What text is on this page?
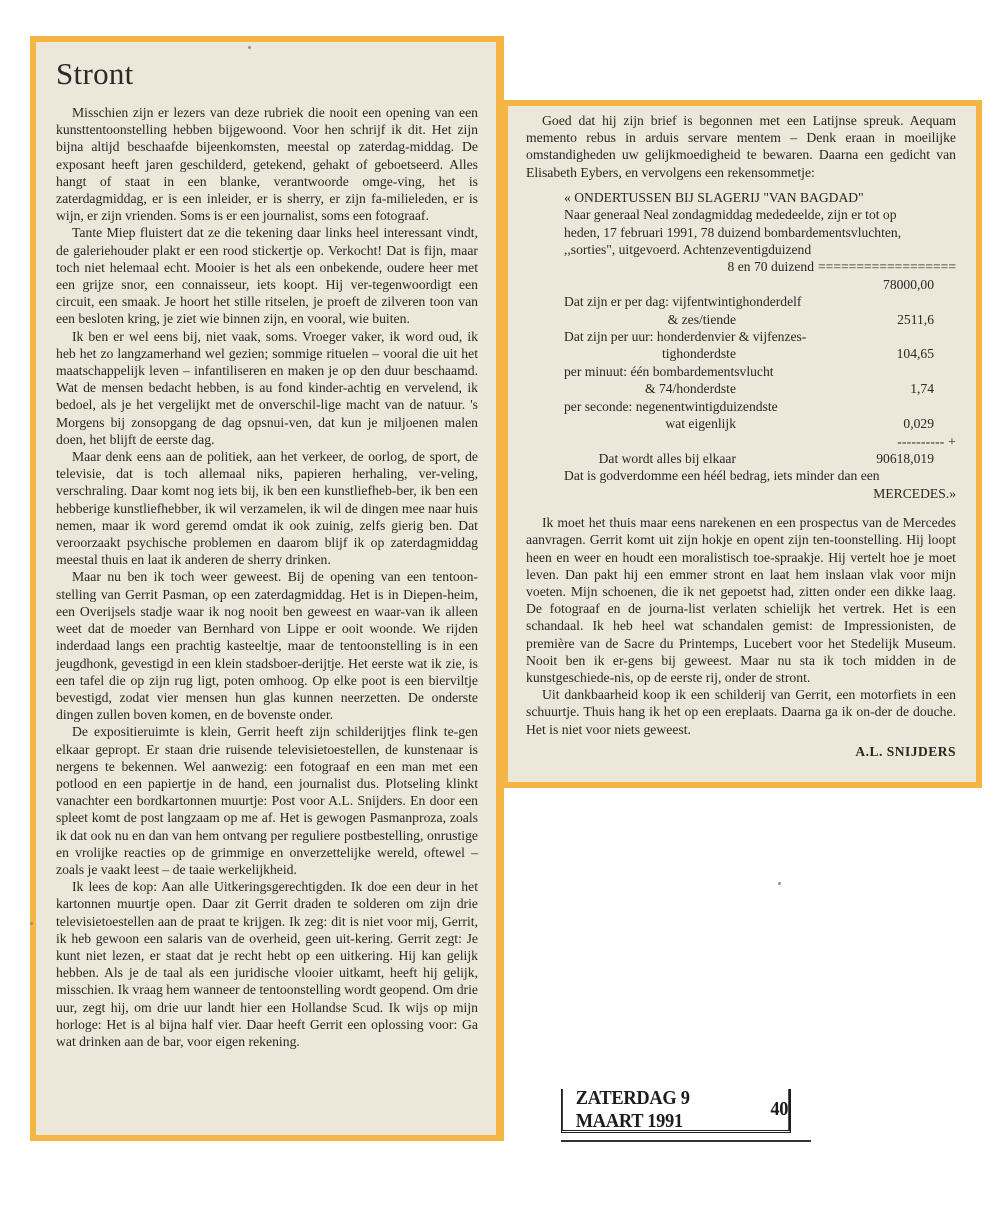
Stront

Misschien zijn er lezers van deze rubriek die nooit een opening van een kunsttentoonstelling hebben bijgewoond. Voor hen schrijf ik dit. Het zijn bijna altijd beschaafde bijeenkomsten, meestal op zaterdag-middag. De exposant heeft jaren geschilderd, getekend, gehakt of geboetseerd. Alles hangt of staat in een blanke, verantwoorde omge-ving, het is zaterdagmiddag, er is een inleider, er is sherry, er zijn fa-milieleden, er is wijn, er zijn vrienden. Soms is er een journalist, soms een fotograaf.

Tante Miep fluistert dat ze die tekening daar links heel interessant vindt, de galeriehouder plakt er een rood stickertje op. Verkocht! Dat is fijn, maar toch niet helemaal echt. Mooier is het als een onbekende, oudere heer met een grijze snor, een connaisseur, iets koopt. Hij ver-tegenwoordigt een circuit, een smaak. Je hoort het stille ritselen, je proeft de zilveren toon van een besloten kring, je ziet wie binnen zijn, en vooral, wie buiten.

Ik ben er wel eens bij, niet vaak, soms. Vroeger vaker, ik word oud, ik heb het zo langzamerhand wel gezien; sommige rituelen – vooral die uit het maatschappelijk leven – infantiliseren en maken je op den duur beschaamd. Wat de mensen bedacht hebben, is au fond kinder-achtig en vervelend, ik bedoel, als je het vergelijkt met de onverschil-lige macht van de natuur. 's Morgens bij zonsopgang de dag opsnui-ven, dat kun je miljoenen malen doen, het blijft de eerste dag.

Maar denk eens aan de politiek, aan het verkeer, de oorlog, de sport, de televisie, dat is toch allemaal niks, papieren herhaling, ver-veling, verschraling. Daar komt nog iets bij, ik ben een kunstliefheb-ber, ik ben een hebberige kunstliefhebber, ik wil verzamelen, ik wil de dingen mee naar huis nemen, maar ik word geremd omdat ik ook zuinig, zelfs gierig ben. Dat veroorzaakt psychische problemen en daarom blijf ik op zaterdagmiddag meestal thuis en laat ik anderen de sherry drinken.

Maar nu ben ik toch weer geweest. Bij de opening van een tentoon-stelling van Gerrit Pasman, op een zaterdagmiddag. Het is in Diepen-heim, een Overijsels stadje waar ik nog nooit ben geweest en waar-van ik alleen weet dat de moeder van Bernhard von Lippe er ooit woonde. We rijden inderdaad langs een prachtig kasteeltje, maar de tentoonstelling is in een jeugdhonk, gevestigd in een klein stadsboer-derijtje. Het eerste wat ik zie, is een tafel die op zijn rug ligt, poten omhoog. Op elke poot is een bierviltje bevestigd, zodat vier mensen hun glas kunnen neerzetten. De onderste dingen zullen boven komen, en de bovenste onder.

De expositieruimte is klein, Gerrit heeft zijn schilderijtjes flink te-gen elkaar gepropt. Er staan drie ruisende televisietoestellen, de kunstenaar is nergens te bekennen. Wel aanwezig: een fotograaf en een man met een potlood en een papiertje in de hand, een journalist dus. Plotseling klinkt vanachter een bordkartonnen muurtje: Post voor A.L. Snijders. En door een spleet komt de post langzaam op me af. Het is gewogen Pasmanproza, zoals ik dat ook nu en dan van hem ontvang per reguliere postbestelling, onrustige en vrolijke reacties op de grimmige en onverzettelijke wereld, oftewel – zoals je vaakt leest – de taaie werkelijkheid.

Ik lees de kop: Aan alle Uitkeringsgerechtigden. Ik doe een deur in het kartonnen muurtje open. Daar zit Gerrit draden te solderen om zijn drie televisietoestellen aan de praat te krijgen. Ik zeg: dit is niet voor mij, Gerrit, ik heb gewoon een salaris van de overheid, geen uit-kering. Gerrit zegt: Je kunt niet lezen, er staat dat je recht hebt op een uitkering. Hij kan gelijk hebben. Als je de taal als een juridische vlooier uitkamt, heeft hij gelijk, misschien. Ik vraag hem wanneer de tentoonstelling wordt geopend. Om drie uur, zegt hij, om drie uur landt hier een Hollandse Scud. Ik wijs op mijn horloge: Het is al bijna half vier. Daar heeft Gerrit een oplossing voor: Ga wat drinken aan de bar, voor eigen rekening.

Goed dat hij zijn brief is begonnen met een Latijnse spreuk. Aequam memento rebus in arduis servare mentem – Denk eraan in moeilijke omstandigheden uw gelijkmoedigheid te bewaren. Daarna een gedicht van Elisabeth Eybers, en vervolgens een rekensommetje:

« ONDERTUSSEN BIJ SLAGERIJ "VAN BAGDAD"
Naar generaal Neal zondagmiddag mededeelde, zijn er tot op
heden, 17 februari 1991, 78 duizend bombardementsvluchten,
,,sorties", uitgevoerd. Achtenzeventigduizend
8 en 70 duizend ==================
78000,00
Dat zijn er per dag: vijfentwintighonderdelf
& zes/tiende	2511,6
Dat zijn per uur: honderdenvier & vijfenzes-
tighonderdste	104,65
per minuut: één bombardementsvlucht
& 74/honderdste	1,74
per seconde: negenentwintigduizendste
wat eigenlijk	0,029
---------- +
Dat wordt alles bij elkaar	90618,019
Dat is godverdomme een héél bedrag, iets minder dan een
MERCEDES.»

Ik moet het thuis maar eens narekenen en een prospectus van de Mercedes aanvragen. Gerrit komt uit zijn hokje en opent zijn ten-toonstelling. Hij loopt heen en weer en houdt een moralistisch toe-spraakje. Hij vertelt hoe je moet leven. Dan pakt hij een emmer stront en laat hem inslaan vlak voor mijn voeten. Mijn schoenen, die ik net gepoetst had, zitten onder een dikke laag. De fotograaf en de journa-list verlaten schielijk het vertrek. Het is een schandaal. Ik heb heel wat schandalen gemist: de Impressionisten, de première van de Sacre du Printemps, Lucebert voor het Stedelijk Museum. Nooit ben ik er-gens bij geweest. Maar nu sta ik toch midden in de kunstgeschiede-nis, op de eerste rij, onder de stront.

Uit dankbaarheid koop ik een schilderij van Gerrit, een motorfiets in een schuurtje. Thuis hang ik het op een ereplaats. Daarna ga ik on-der de douche. Het is niet voor niets geweest.

A.L. SNIJDERS
ZATERDAG 9 MAART 1991
40
